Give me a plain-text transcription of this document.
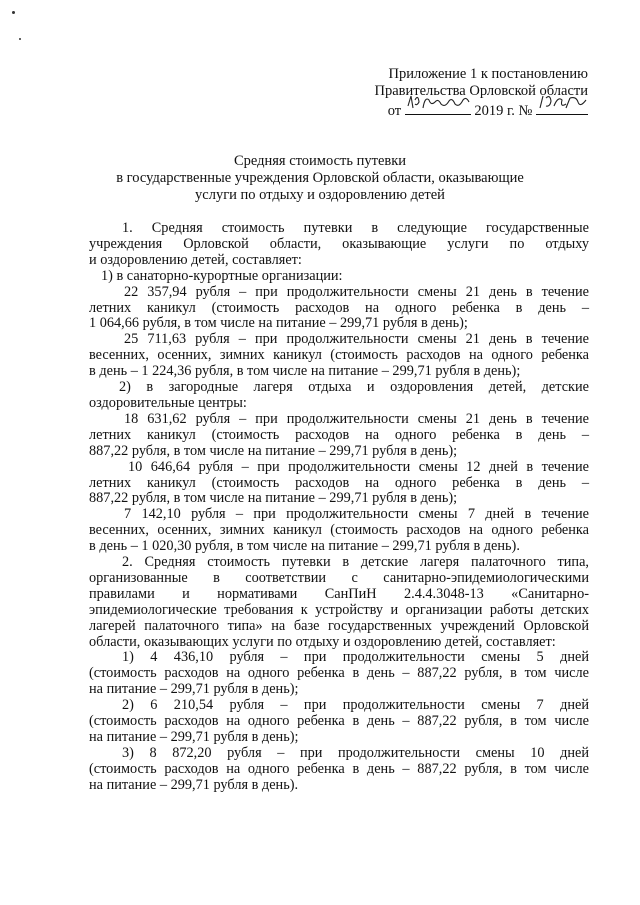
Приложение 1 к постановлению
Правительства Орловской области
от	2019 г. №
Средняя стоимость путевки
в государственные учреждения Орловской области, оказывающие
услуги по отдыху и оздоровлению детей
1. Средняя стоимость путевки в следующие государственные
учреждения Орловской области, оказывающие услуги по отдыху
и оздоровлению детей, составляет:
1) в санаторно-курортные организации:
22 357,94 рубля – при продолжительности смены 21 день в течение
летних каникул (стоимость расходов на одного ребенка в день –
1 064,66 рубля, в том числе на питание – 299,71 рубля в день);
25 711,63 рубля – при продолжительности смены 21 день в течение
весенних, осенних, зимних каникул (стоимость расходов на одного ребенка
в день – 1 224,36 рубля, в том числе на питание – 299,71 рубля в день);
2) в загородные лагеря отдыха и оздоровления детей, детские
оздоровительные центры:
18 631,62 рубля – при продолжительности смены 21 день в течение
летних каникул (стоимость расходов на одного ребенка в день –
887,22 рубля, в том числе на питание – 299,71 рубля в день);
10 646,64 рубля – при продолжительности смены 12 дней в течение
летних каникул (стоимость расходов на одного ребенка в день –
887,22 рубля, в том числе на питание – 299,71 рубля в день);
7 142,10 рубля – при продолжительности смены 7 дней в течение
весенних, осенних, зимних каникул (стоимость расходов на одного ребенка
в день – 1 020,30 рубля, в том числе на питание – 299,71 рубля в день).
2. Средняя стоимость путевки в детские лагеря палаточного типа,
организованные в соответствии с санитарно-эпидемиологическими
правилами и нормативами СанПиН 2.4.4.3048-13 «Санитарно-
эпидемиологические требования к устройству и организации работы детских
лагерей палаточного типа» на базе государственных учреждений Орловской
области, оказывающих услуги по отдыху и оздоровлению детей, составляет:
1) 4 436,10 рубля – при продолжительности смены 5 дней
(стоимость расходов на одного ребенка в день – 887,22 рубля, в том числе
на питание – 299,71 рубля в день);
2) 6 210,54 рубля – при продолжительности смены 7 дней
(стоимость расходов на одного ребенка в день – 887,22 рубля, в том числе
на питание – 299,71 рубля в день);
3) 8 872,20 рубля – при продолжительности смены 10 дней
(стоимость расходов на одного ребенка в день – 887,22 рубля, в том числе
на питание – 299,71 рубля в день).
